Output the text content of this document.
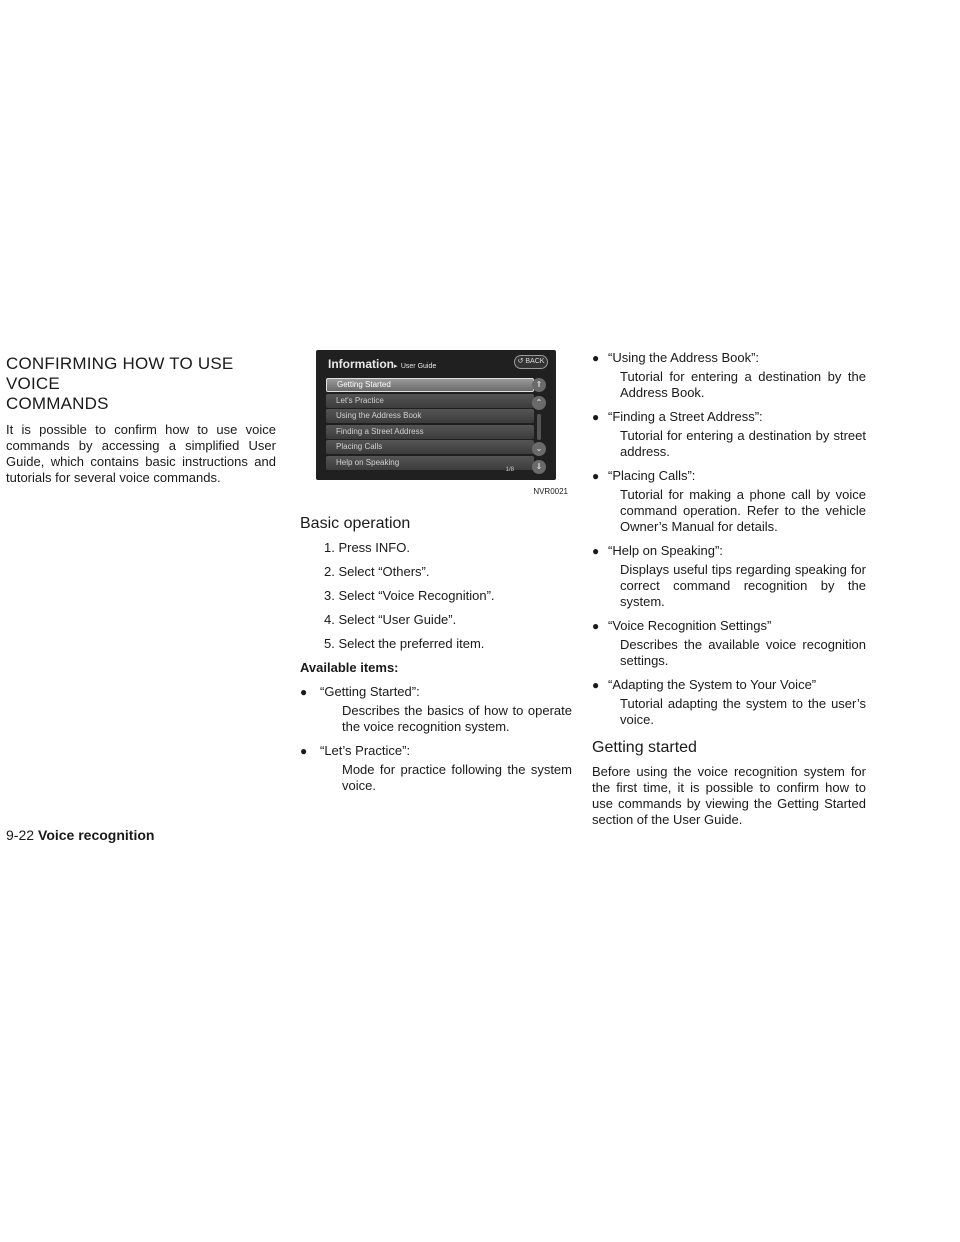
CONFIRMING HOW TO USE VOICE
COMMANDS

It is possible to confirm how to use voice commands by accessing a simplified User Guide, which contains basic instructions and tutorials for several voice commands.

Information▸ User Guide
↺ BACK
Getting Started
Let's Practice
Using the Address Book
Finding a Street Address
Placing Calls
Help on Speaking
⇑
⌃
⌄
⇓
1/8
NVR0021
Basic operation
1. Press INFO.
2. Select “Others”.
3. Select “Voice Recognition”.
4. Select “User Guide”.
5. Select the preferred item.
Available items:
● “Getting Started”:

Describes the basics of how to operate the voice recognition system.

● “Let’s Practice”:

Mode for practice following the system voice.

● “Using the Address Book”:

Tutorial for entering a destination by the Address Book.

● “Finding a Street Address”:

Tutorial for entering a destination by street address.

● “Placing Calls”:

Tutorial for making a phone call by voice command operation. Refer to the vehicle Owner’s Manual for details.

● “Help on Speaking”:

Displays useful tips regarding speaking for correct command recognition by the system.

● “Voice Recognition Settings”

Describes the available voice recognition settings.

● “Adapting the System to Your Voice”

Tutorial adapting the system to the user’s voice.

Getting started

Before using the voice recognition system for the first time, it is possible to confirm how to use commands by viewing the Getting Started section of the User Guide.

9-22 Voice recognition
